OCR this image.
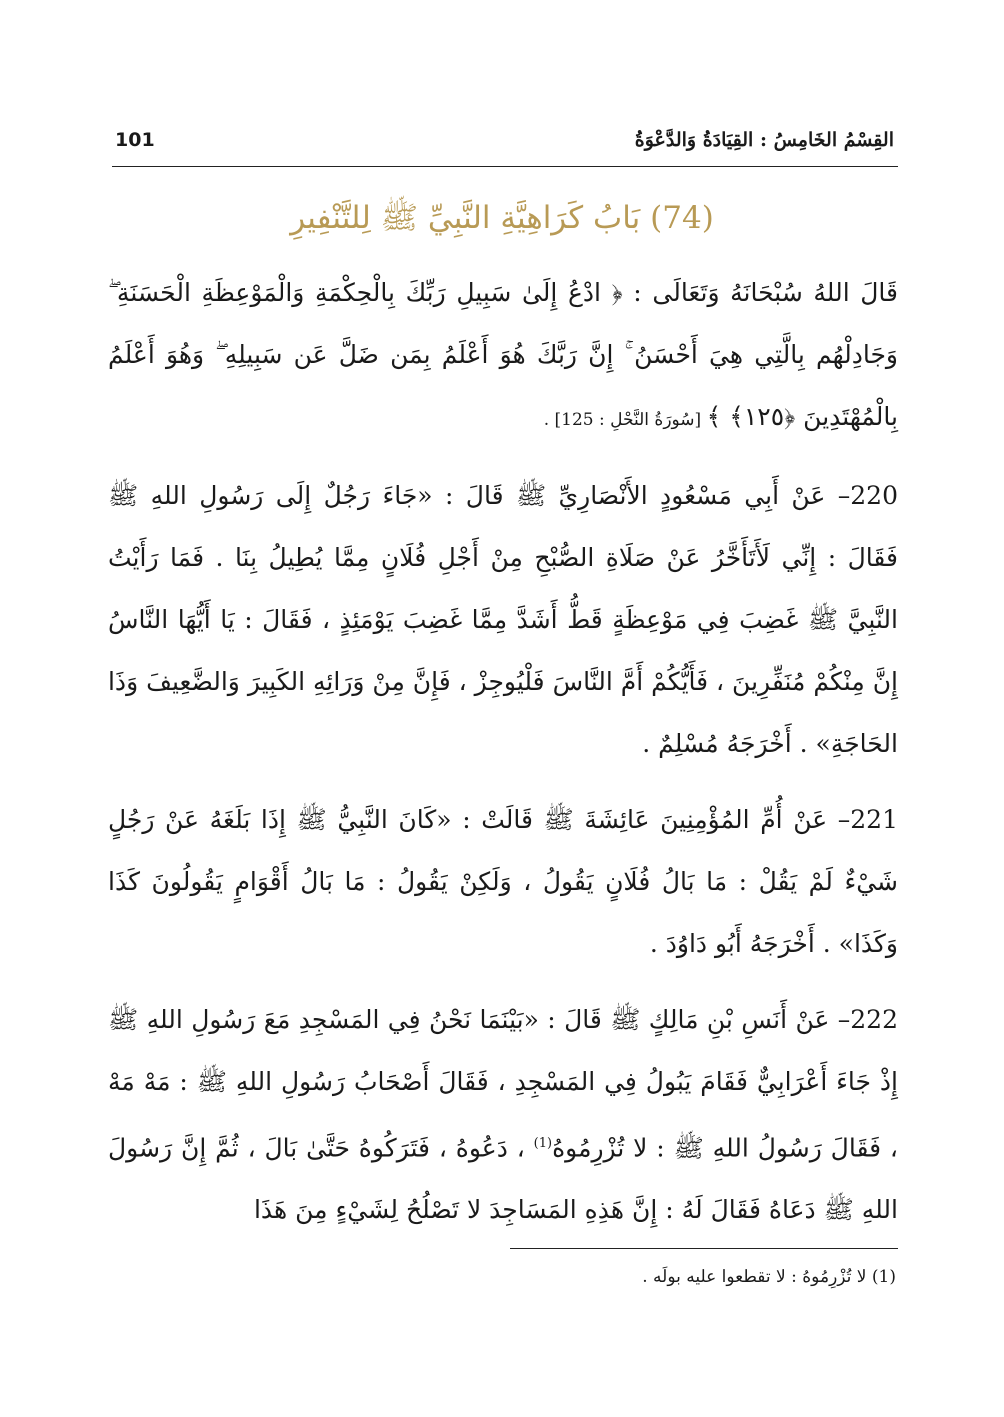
101	القِسْمُ الخَامِسُ : القِيَادَةُ وَالدَّعْوَةُ
(74) بَابُ كَرَاهِيَّةِ النَّبِيِّ ﷺ لِلتَّنْفِيرِ

قَالَ اللهُ سُبْحَانَهُ وَتَعَالَى : ﴿ ادْعُ إِلَىٰ سَبِيلِ رَبِّكَ بِالْحِكْمَةِ وَالْمَوْعِظَةِ الْحَسَنَةِ ۖ وَجَادِلْهُم بِالَّتِي هِيَ أَحْسَنُ ۚ إِنَّ رَبَّكَ هُوَ أَعْلَمُ بِمَن ضَلَّ عَن سَبِيلِهِ ۖ وَهُوَ أَعْلَمُ بِالْمُهْتَدِينَ ﴿١٢٥﴾ ﴾ [سُورَةُ النَّحْلِ : 125] .

220– عَنْ أَبِي مَسْعُودٍ الأَنْصَارِيِّ ﷺ قَالَ : «جَاءَ رَجُلٌ إِلَى رَسُولِ اللهِ ﷺ فَقَالَ : إِنِّي لَأَتَأَخَّرُ عَنْ صَلَاةِ الصُّبْحِ مِنْ أَجْلِ فُلَانٍ مِمَّا يُطِيلُ بِنَا . فَمَا رَأَيْتُ النَّبِيَّ ﷺ غَضِبَ فِي مَوْعِظَةٍ قَطُّ أَشَدَّ مِمَّا غَضِبَ يَوْمَئِذٍ ، فَقَالَ : يَا أَيُّهَا النَّاسُ إِنَّ مِنْكُمْ مُنَفِّرِينَ ، فَأَيُّكُمْ أَمَّ النَّاسَ فَلْيُوجِزْ ، فَإِنَّ مِنْ وَرَائِهِ الكَبِيرَ وَالضَّعِيفَ وَذَا الحَاجَةِ» . أَخْرَجَهُ مُسْلِمٌ .

221– عَنْ أُمِّ المُؤْمِنِينَ عَائِشَةَ ﷺ قَالَتْ : «كَانَ النَّبِيُّ ﷺ إِذَا بَلَغَهُ عَنْ رَجُلٍ شَيْءٌ لَمْ يَقُلْ : مَا بَالُ فُلَانٍ يَقُولُ ، وَلَكِنْ يَقُولُ : مَا بَالُ أَقْوَامٍ يَقُولُونَ كَذَا وَكَذَا» . أَخْرَجَهُ أَبُو دَاوُدَ .

222– عَنْ أَنَسِ بْنِ مَالِكٍ ﷺ قَالَ : «بَيْنَمَا نَحْنُ فِي المَسْجِدِ مَعَ رَسُولِ اللهِ ﷺ إِذْ جَاءَ أَعْرَابِيٌّ فَقَامَ يَبُولُ فِي المَسْجِدِ ، فَقَالَ أَصْحَابُ رَسُولِ اللهِ ﷺ : مَهْ مَهْ ، فَقَالَ رَسُولُ اللهِ ﷺ : لا تُزْرِمُوهُ$^{(1)}$ ، دَعُوهُ ، فَتَرَكُوهُ حَتَّىٰ بَالَ ، ثُمَّ إِنَّ رَسُولَ اللهِ ﷺ دَعَاهُ فَقَالَ لَهُ : إِنَّ هَذِهِ المَسَاجِدَ لا تَصْلُحُ لِشَيْءٍ مِنَ هَذَا

(1) لا تُزْرِمُوهُ : لا تقطعوا عليه بولَه .
